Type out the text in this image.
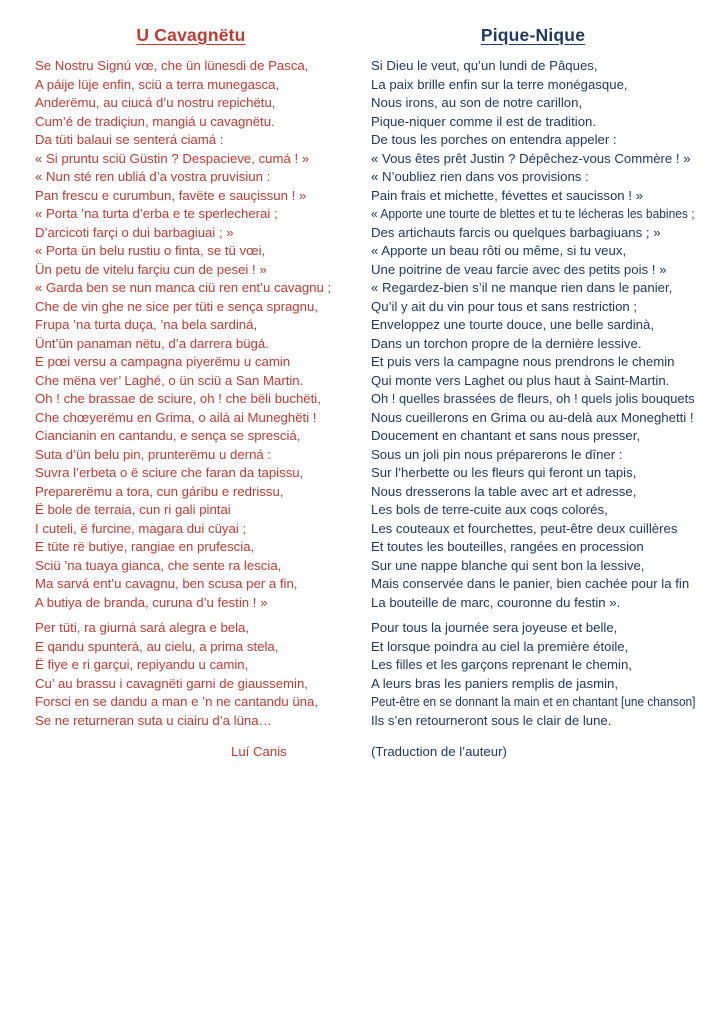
U Cavagnëtu
Se Nostru Signú vœ, che ün lünesdi de Pasca,
A páije lüje enfin, sciü a terra munegasca,
Anderëmu, au ciucá d’u nostru repichëtu,
Cum’é de tradiçiun, mangiá u cavagnëtu.
Da tüti balaui se senterá ciamá :
« Si pruntu sciü Güstin ? Despacieve, cumá ! »
« Nun sté ren ubliá d’a vostra pruvisiun :
Pan frescu e curumbun, favëte e sauçissun ! »
« Porta ’na turta d’erba e te sperlecherai ;
D’arcicoti farçi o dui barbagiuai ; »
« Porta ün belu rustiu o finta, se tü vœi,
Ün petu de vitelu farçiu cun de pesei ! »
« Garda ben se nun manca ciü ren ent’u cavagnu ;
Che de vin ghe ne sice per tüti e sença spragnu,
Frupa ’na turta duça, ’na bela sardiná,
Ünt’ün panaman nëtu, d’a darrera bügá.
E pœi versu a campagna piyerëmu u camin
Che mëna ver’ Laghé, o ün sciü a San Martin.
Oh ! che brassae de sciure, oh ! che bëli buchëti,
Che chœyerëmu en Grima, o ailá ai Muneghëti !
Ciancianin en cantandu, e sença se spresciá,
Suta d’ün belu pin, prunterëmu u derná :
Suvra l’erbeta o ë sciure che faran da tapissu,
Preparerëmu a tora, cun gáribu e redrissu,
Ë bole de terraia, cun ri gali pintai
I cuteli, ë furcine, magara dui cüyai ;
E tüte rë butiye, rangiae en prufescia,
Sciü ’na tuaya gianca, che sente ra lescia,
Ma sarvá ent’u cavagnu, ben scusa per a fin,
A butiya de branda, curuna d’u festin ! »
Per tüti, ra giurná sará alegra e bela,
E qandu spunterá, au cielu, a prima stela,
Ë fiye e ri garçui, repiyandu u camin,
Cu’ au brassu i cavagnëti garni de giaussemin,
Forsci en se dandu a man e ’n ne cantandu üna,
Se ne returneran suta u ciairu d’a lüna…
Luí Canis
Pique-Nique
Si Dieu le veut, qu’un lundi de Pâques,
La paix brille enfin sur la terre monégasque,
Nous irons, au son de notre carillon,
Pique-niquer comme il est de tradition.
De tous les porches on entendra appeler :
« Vous êtes prêt Justin ? Dépêchez-vous Commère ! »
« N’oubliez rien dans vos provisions :
Pain frais et michette, févettes et saucisson ! »
« Apporte une tourte de blettes et tu te lécheras les babines ;
Des artichauts farcis ou quelques barbagiuans ; »
« Apporte un beau rôti ou même, si tu veux,
Une poitrine de veau farcie avec des petits pois ! »
« Regardez-bien s’il ne manque rien dans le panier,
Qu’il y ait du vin pour tous et sans restriction ;
Enveloppez une tourte douce, une belle sardinà,
Dans un torchon propre de la dernière lessive.
Et puis vers la campagne nous prendrons le chemin
Qui monte vers Laghet ou plus haut à Saint-Martin.
Oh ! quelles brassées de fleurs, oh ! quels jolis bouquets
Nous cueillerons en Grima ou au-delà aux Moneghetti !
Doucement en chantant et sans nous presser,
Sous un joli pin nous préparerons le dîner :
Sur l’herbette ou les fleurs qui feront un tapis,
Nous dresserons la table avec art et adresse,
Les bols de terre-cuite aux coqs colorés,
Les couteaux et fourchettes, peut-être deux cuillères
Et toutes les bouteilles, rangées en procession
Sur une nappe blanche qui sent bon la lessive,
Mais conservée dans le panier, bien cachée pour la fin
La bouteille de marc, couronne du festin ».
Pour tous la journée sera joyeuse et belle,
Et lorsque poindra au ciel la première étoile,
Les filles et les garçons reprenant le chemin,
A leurs bras les paniers remplis de jasmin,
Peut-être en se donnant la main et en chantant [une chanson]
Ils s’en retourneront sous le clair de lune.
(Traduction de l’auteur)
